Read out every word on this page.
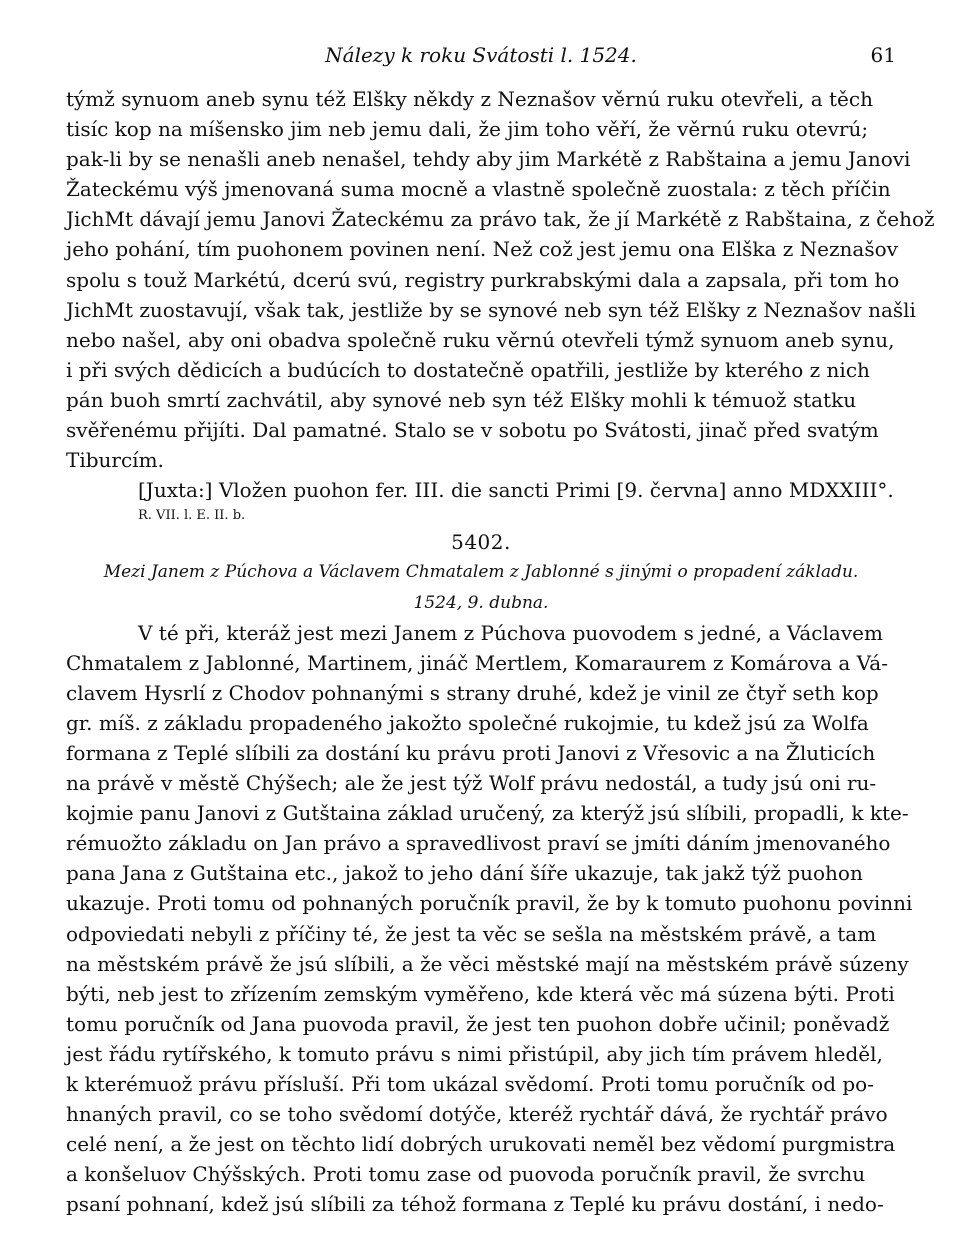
Nálezy k roku Svátosti l. 1524.	61
týmž synuom aneb synu též Elšky někdy z Neznašov věrnú ruku otevřeli, a těch
tisíc kop na míšensko jim neb jemu dali, že jim toho věří, že věrnú ruku otevrú;
pak-li by se nenašli aneb nenašel, tehdy aby jim Markétě z Rabštaina a jemu Janovi
Žateckému výš jmenovaná suma mocně a vlastně společně zuostala: z těch příčin
JichMt dávají jemu Janovi Žateckému za právo tak, že jí Markétě z Rabštaina, z čehož
jeho pohání, tím puohonem povinen není. Než což jest jemu ona Elška z Neznašov
spolu s touž Markétú, dcerú svú, registry purkrabskými dala a zapsala, při tom ho
JichMt zuostavují, však tak, jestliže by se synové neb syn též Elšky z Neznašov našli
nebo našel, aby oni obadva společně ruku věrnú otevřeli týmž synuom aneb synu,
i při svých dědicích a budúcích to dostatečně opatřili, jestliže by kterého z nich
pán buoh smrtí zachvátil, aby synové neb syn též Elšky mohli k témuož statku
svěřenému přijíti. Dal pamatné. Stalo se v sobotu po Svátosti, jinač před svatým
Tiburcím.
[Juxta:] Vložen puohon fer. III. die sancti Primi [9. června] anno MDXXIII°.
R. VII. l. E. II. b.
5402.
Mezi Janem z Púchova a Václavem Chmatalem z Jablonné s jinými o propadení základu.
1524, 9. dubna.
V té při, kteráž jest mezi Janem z Púchova puovodem s jedné, a Václavem
Chmatalem z Jablonné, Martinem, jináč Mertlem, Komaraurem z Komárova a Vá-
clavem Hysrlí z Chodov pohnanými s strany druhé, kdež je vinil ze čtyř seth kop
gr. míš. z základu propadeného jakožto společné rukojmie, tu kdež jsú za Wolfa
formana z Teplé slíbili za dostání ku právu proti Janovi z Vřesovic a na Žluticích
na právě v městě Chýšech; ale že jest týž Wolf právu nedostál, a tudy jsú oni ru-
kojmie panu Janovi z Gutštaina základ uručený, za kterýž jsú slíbili, propadli, k kte-
rémuožto základu on Jan právo a spravedlivost praví se jmíti dáním jmenovaného
pana Jana z Gutštaina etc., jakož to jeho dání šíře ukazuje, tak jakž týž puohon
ukazuje. Proti tomu od pohnaných poručník pravil, že by k tomuto puohonu povinni
odpoviedati nebyli z příčiny té, že jest ta věc se sešla na městském právě, a tam
na městském právě že jsú slíbili, a že věci městské mají na městském právě súzeny
býti, neb jest to zřízením zemským vyměřeno, kde která věc má súzena býti. Proti
tomu poručník od Jana puovoda pravil, že jest ten puohon dobře učinil; poněvadž
jest řádu rytířského, k tomuto právu s nimi přistúpil, aby jich tím právem hleděl,
k kterémuož právu přísluší. Při tom ukázal svědomí. Proti tomu poručník od po-
hnaných pravil, co se toho svědomí dotýče, kteréž rychtář dává, že rychtář právo
celé není, a že jest on těchto lidí dobrých urukovati neměl bez vědomí purgmistra
a konšeluov Chýšských. Proti tomu zase od puovoda poručník pravil, že svrchu
psaní pohnaní, kdež jsú slíbili za téhož formana z Teplé ku právu dostání, i nedo-
